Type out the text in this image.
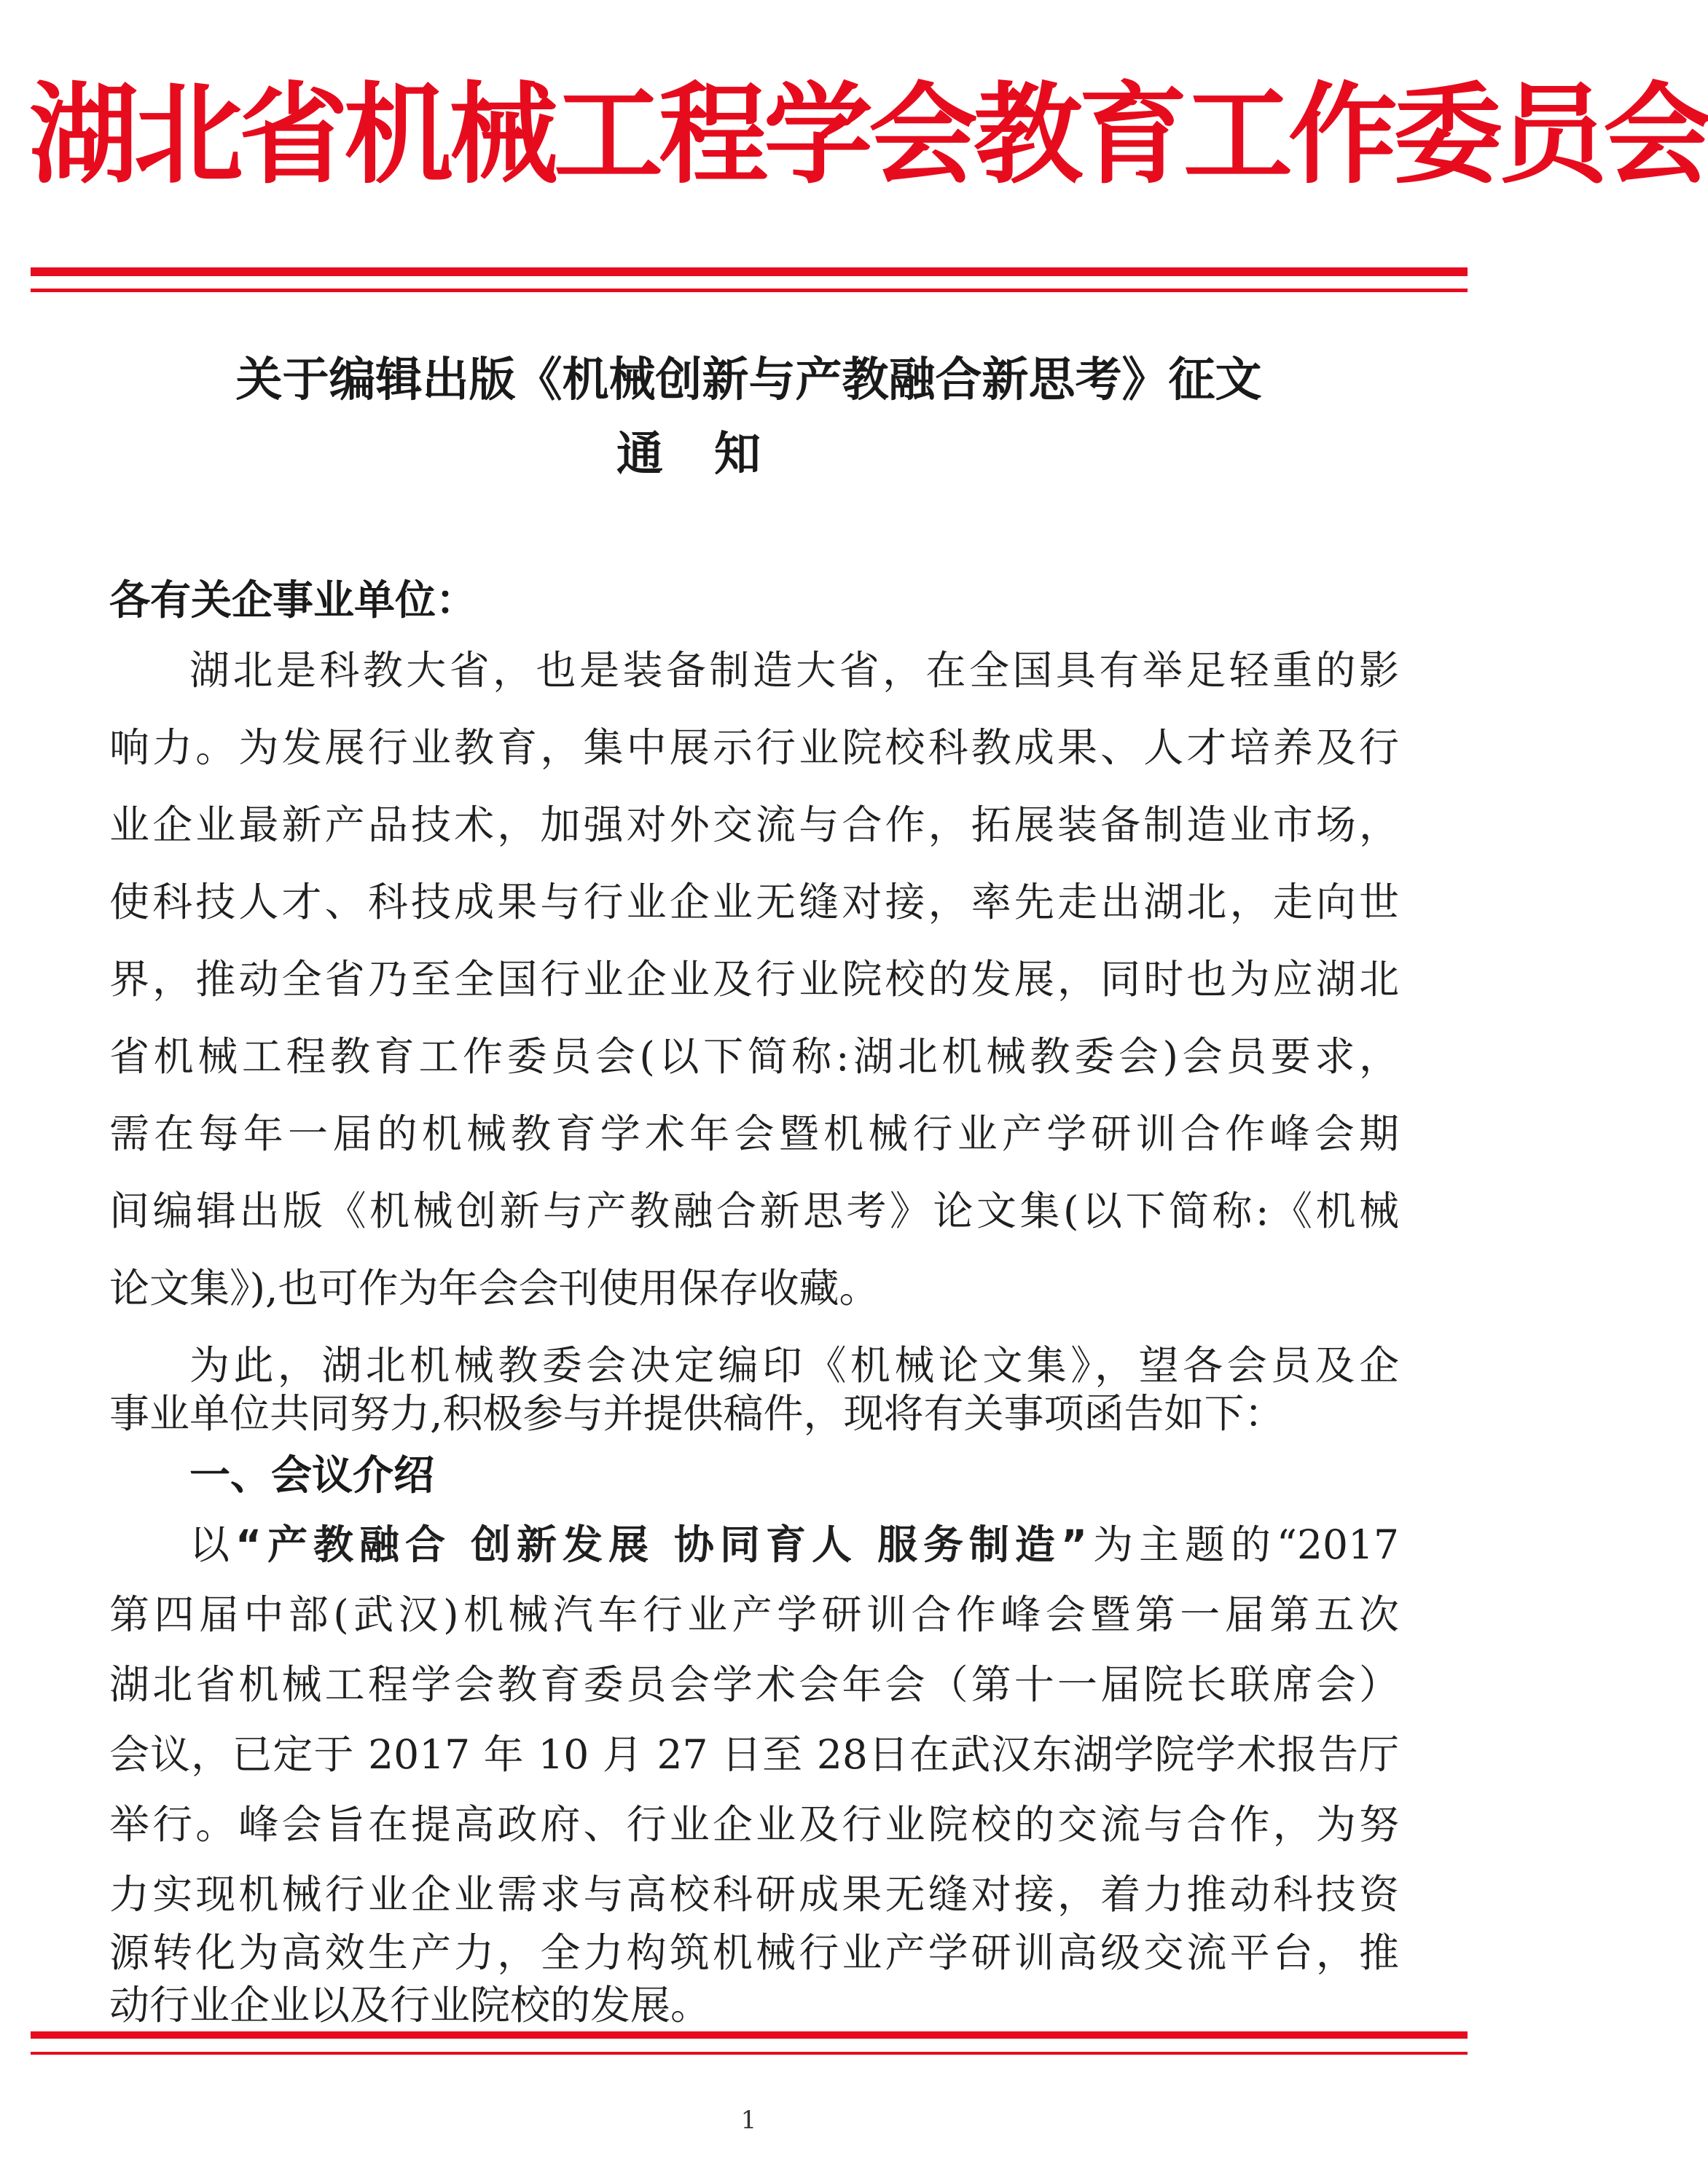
湖北省机械工程学会教育工作委员会
关于编辑出版《机械创新与产教融合新思考》征文
通知
各有关企事业单位：
湖北是科教大省，也是装备制造大省，在全国具有举足轻重的影
响力。为发展行业教育，集中展示行业院校科教成果、人才培养及行
业企业最新产品技术，加强对外交流与合作，拓展装备制造业市场，
使科技人才、科技成果与行业企业无缝对接，率先走出湖北，走向世
界，推动全省乃至全国行业企业及行业院校的发展，同时也为应湖北
省机械工程教育工作委员会(以下简称:湖北机械教委会)会员要求，
需在每年一届的机械教育学术年会暨机械行业产学研训合作峰会期
间编辑出版《机械创新与产教融合新思考》论文集(以下简称:《机械
论文集》),也可作为年会会刊使用保存收藏。
为此，湖北机械教委会决定编印《机械论文集》，望各会员及企
事业单位共同努力,积极参与并提供稿件，现将有关事项函告如下：
一、会议介绍
以“产教融合 创新发展 协同育人 服务制造”为主题的“2017
第四届中部(武汉)机械汽车行业产学研训合作峰会暨第一届第五次
湖北省机械工程学会教育委员会学术会年会（第十一届院长联席会）
会议，已定于 2017 年 10 月 27 日至 28日在武汉东湖学院学术报告厅
举行。峰会旨在提高政府、行业企业及行业院校的交流与合作，为努
力实现机械行业企业需求与高校科研成果无缝对接，着力推动科技资
源转化为高效生产力，全力构筑机械行业产学研训高级交流平台，推
动行业企业以及行业院校的发展。
1
